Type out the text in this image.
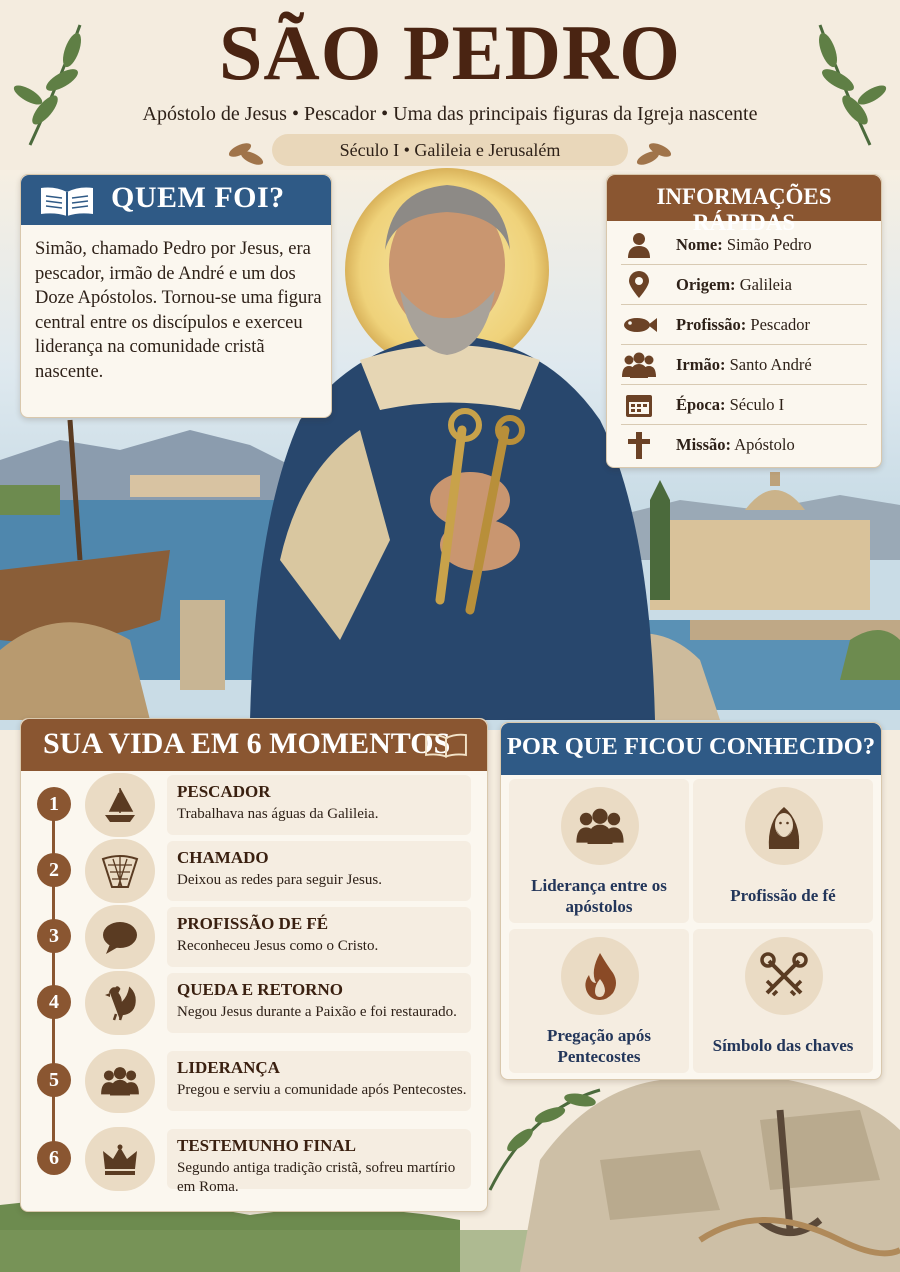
SÃO PEDRO
Apóstolo de Jesus • Pescador • Uma das principais figuras da Igreja nascente
Século I • Galileia e Jerusalém
QUEM FOI?
Simão, chamado Pedro por Jesus, era pescador, irmão de André e um dos Doze Apóstolos. Tornou-se uma figura central entre os discípulos e exerceu liderança na comunidade cristã nascente.
INFORMAÇÕES RÁPIDAS
Nome: Simão Pedro
Origem: Galileia
Profissão: Pescador
Irmão: Santo André
Época: Século I
Missão: Apóstolo
SUA VIDA EM 6 MOMENTOS
1
PESCADOR
Trabalhava nas águas da Galileia.
2
CHAMADO
Deixou as redes para seguir Jesus.
3
PROFISSÃO DE FÉ
Reconheceu Jesus como o Cristo.
4
QUEDA E RETORNO
Negou Jesus durante a Paixão e foi restaurado.
5
LIDERANÇA
Pregou e serviu a comunidade após Pentecostes.
6
TESTEMUNHO FINAL
Segundo antiga tradição cristã, sofreu martírio em Roma.
POR QUE FICOU CONHECIDO?
Liderança entre os apóstolos
Profissão de fé
Pregação após Pentecostes
Símbolo das chaves
